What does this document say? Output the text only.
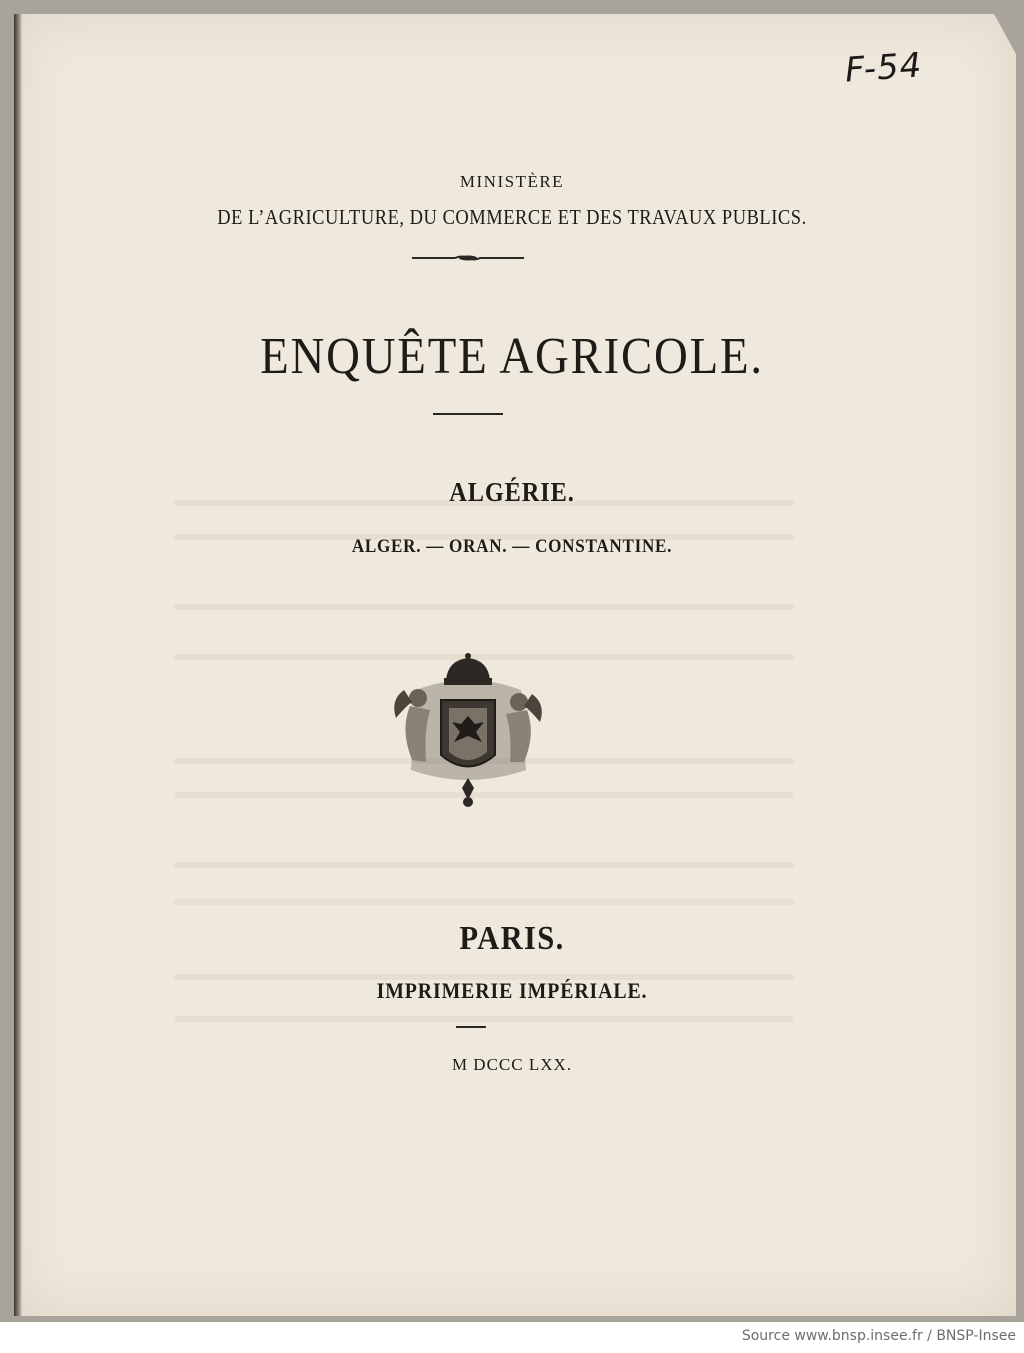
F-54

MINISTÈRE

DE L’AGRICULTURE, DU COMMERCE ET DES TRAVAUX PUBLICS.

ENQUÊTE AGRICOLE.

ALGÉRIE.

ALGER. — ORAN. — CONSTANTINE.

PARIS.

IMPRIMERIE IMPÉRIALE.

M DCCC LXX.

Source www.bnsp.insee.fr / BNSP-Insee
